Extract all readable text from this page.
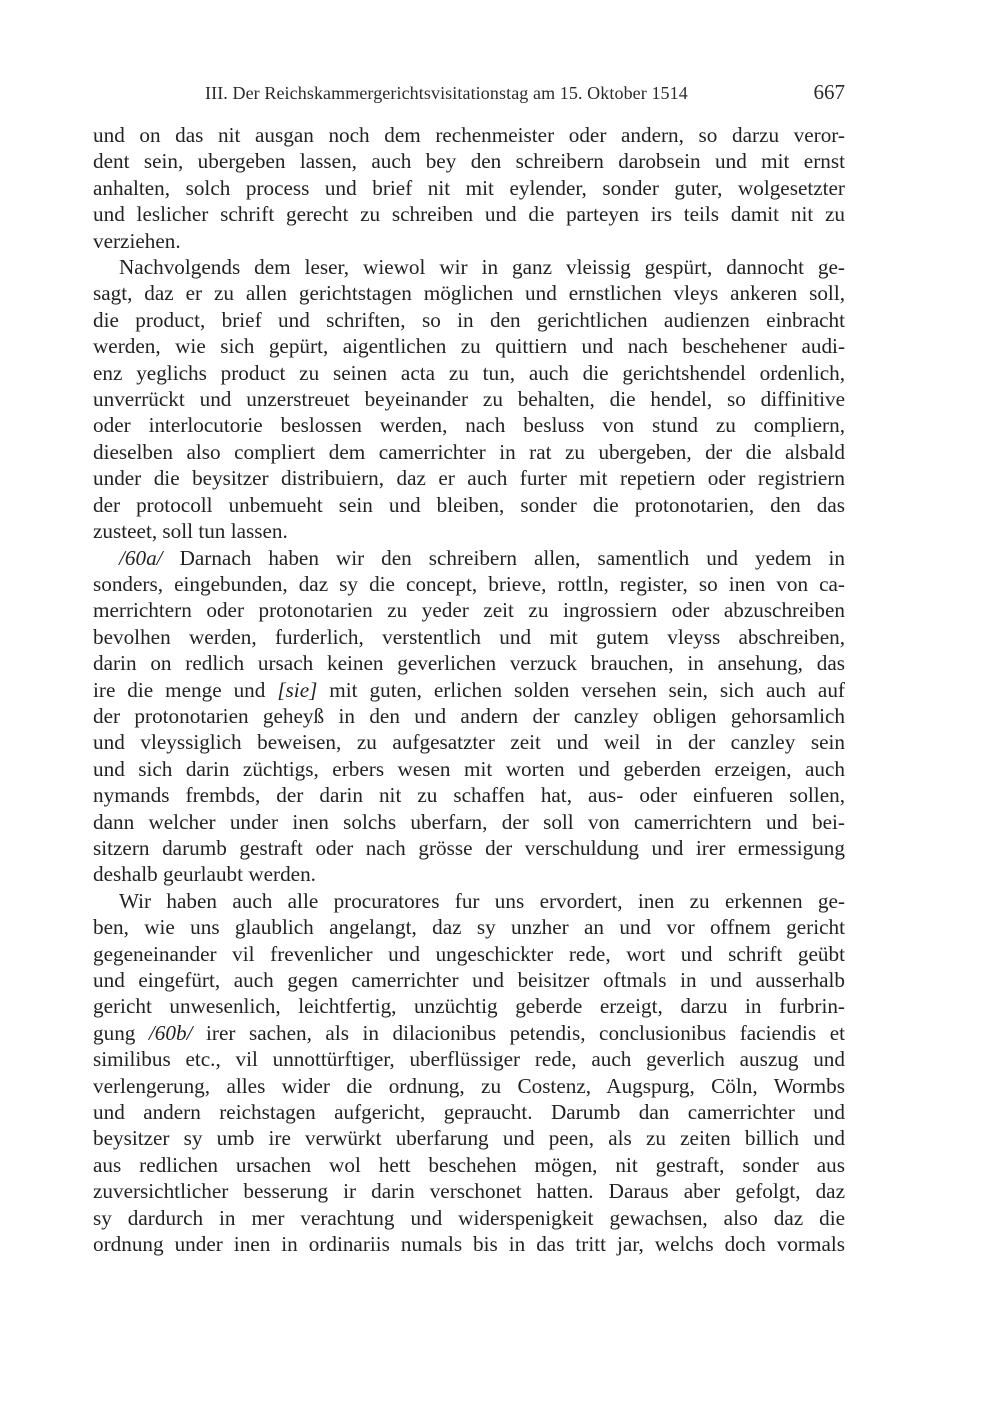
III. Der Reichskammergerichtsvisitationstag am 15. Oktober 1514	667

und on das nit ausgan noch dem rechenmeister oder andern, so darzu veror-
dent sein, ubergeben lassen, auch bey den schreibern darobsein und mit ernst
anhalten, solch process und brief nit mit eylender, sonder guter, wolgesetzter
und leslicher schrift gerecht zu schreiben und die parteyen irs teils damit nit zu
verziehen.

Nachvolgends dem leser, wiewol wir in ganz vleissig gespürt, dannocht ge-
sagt, daz er zu allen gerichtstagen möglichen und ernstlichen vleys ankeren soll,
die product, brief und schriften, so in den gerichtlichen audienzen einbracht
werden, wie sich gepürt, aigentlichen zu quittiern und nach beschehener audi-
enz yeglichs product zu seinen acta zu tun, auch die gerichtshendel ordenlich,
unverrückt und unzerstreuet beyeinander zu behalten, die hendel, so diffinitive
oder interlocutorie beslossen werden, nach besluss von stund zu compliern,
dieselben also compliert dem camerrichter in rat zu ubergeben, der die alsbald
under die beysitzer distribuiern, daz er auch furter mit repetiern oder registriern
der protocoll unbemueht sein und bleiben, sonder die protonotarien, den das
zusteet, soll tun lassen.

/60a/ Darnach haben wir den schreibern allen, samentlich und yedem in
sonders, eingebunden, daz sy die concept, brieve, rottln, register, so inen von ca-
merrichtern oder protonotarien zu yeder zeit zu ingrossiern oder abzuschreiben
bevolhen werden, furderlich, verstentlich und mit gutem vleyss abschreiben,
darin on redlich ursach keinen geverlichen verzuck brauchen, in ansehung, das
ire die menge und [sie] mit guten, erlichen solden versehen sein, sich auch auf
der protonotarien geheyß in den und andern der canzley obligen gehorsamlich
und vleyssiglich beweisen, zu aufgesatzter zeit und weil in der canzley sein
und sich darin züchtigs, erbers wesen mit worten und geberden erzeigen, auch
nymands frembds, der darin nit zu schaffen hat, aus- oder einfueren sollen,
dann welcher under inen solchs uberfarn, der soll von camerrichtern und bei-
sitzern darumb gestraft oder nach grösse der verschuldung und irer ermessigung
deshalb geurlaubt werden.

Wir haben auch alle procuratores fur uns ervordert, inen zu erkennen ge-
ben, wie uns glaublich angelangt, daz sy unzher an und vor offnem gericht
gegeneinander vil frevenlicher und ungeschickter rede, wort und schrift geübt
und eingefürt, auch gegen camerrichter und beisitzer oftmals in und ausserhalb
gericht unwesenlich, leichtfertig, unzüchtig geberde erzeigt, darzu in furbrin-
gung /60b/ irer sachen, als in dilacionibus petendis, conclusionibus faciendis et
similibus etc., vil unnottürftiger, uberflüssiger rede, auch geverlich auszug und
verlengerung, alles wider die ordnung, zu Costenz, Augspurg, Cöln, Wormbs
und andern reichstagen aufgericht, gepraucht. Darumb dan camerrichter und
beysitzer sy umb ire verwürkt uberfarung und peen, als zu zeiten billich und
aus redlichen ursachen wol hett beschehen mögen, nit gestraft, sonder aus
zuversichtlicher besserung ir darin verschonet hatten. Daraus aber gefolgt, daz
sy dardurch in mer verachtung und widerspenigkeit gewachsen, also daz die
ordnung under inen in ordinariis numals bis in das tritt jar, welchs doch vormals
